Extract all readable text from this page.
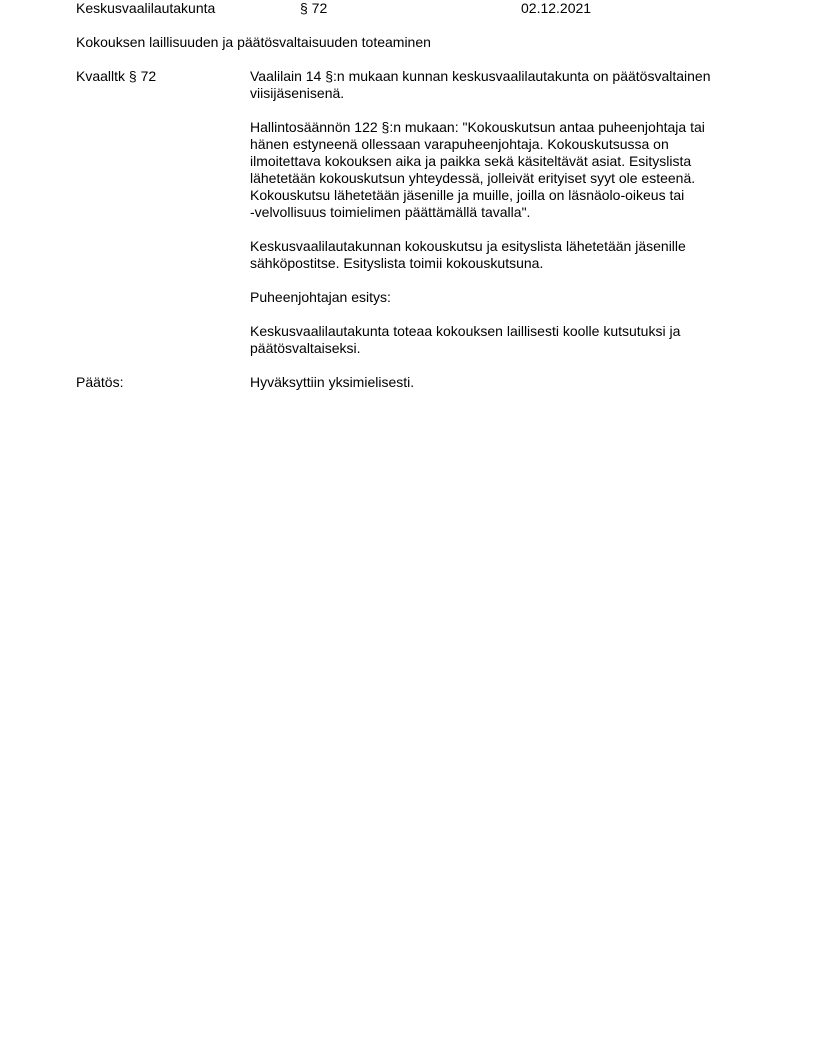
Keskusvaalilautakunta	§ 72	02.12.2021
Kokouksen laillisuuden ja päätösvaltaisuuden toteaminen
Kvaalltk § 72	Vaalilain 14 §:n mukaan kunnan keskusvaalilautakunta on päätösvaltainen
viisijäsenisenä.
Hallintosäännön 122 §:n mukaan: "Kokouskutsun antaa puheenjohtaja tai
hänen estyneenä ollessaan varapuheenjohtaja. Kokouskutsussa on
ilmoitettava kokouksen aika ja paikka sekä käsiteltävät asiat. Esityslista
lähetetään kokouskutsun yhteydessä, jolleivät erityiset syyt ole esteenä.
Kokouskutsu lähetetään jäsenille ja muille, joilla on läsnäolo-oikeus tai
-velvollisuus toimielimen päättämällä tavalla".
Keskusvaalilautakunnan kokouskutsu ja esityslista lähetetään jäsenille
sähköpostitse. Esityslista toimii kokouskutsuna.
Puheenjohtajan esitys:
Keskusvaalilautakunta toteaa kokouksen laillisesti koolle kutsutuksi ja
päätösvaltaiseksi.
Päätös:	Hyväksyttiin yksimielisesti.
